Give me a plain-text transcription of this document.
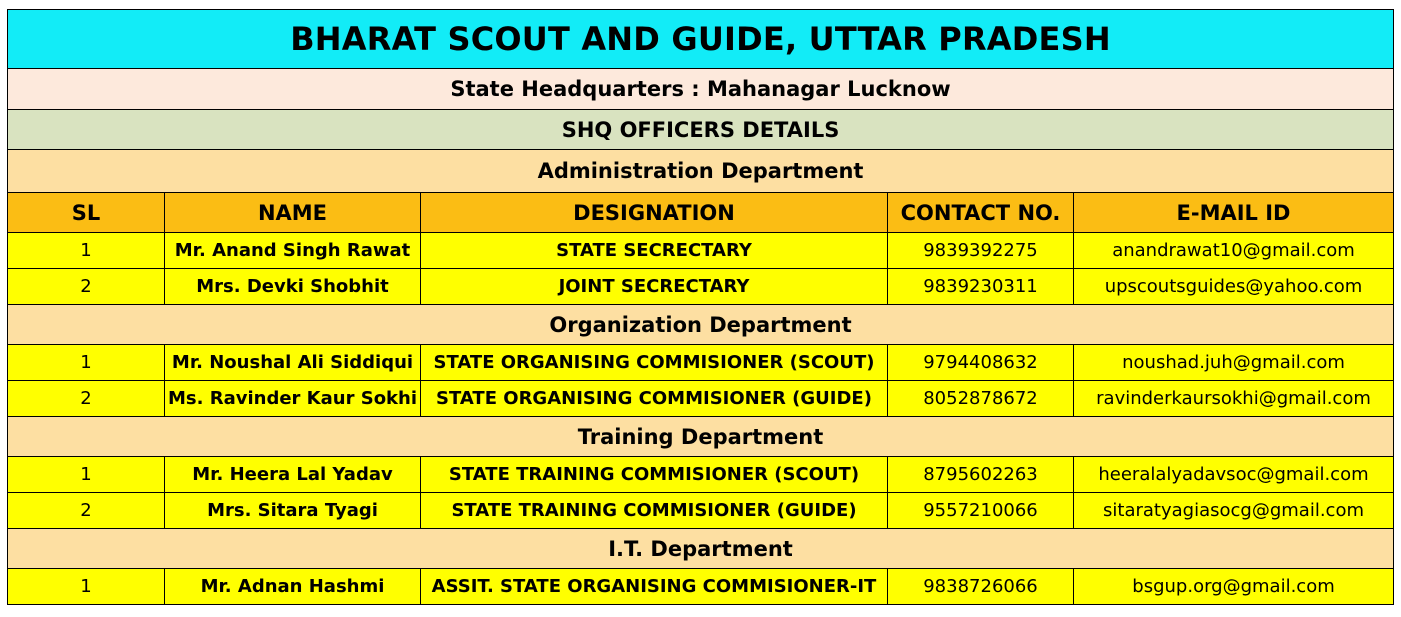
BHARAT SCOUT AND GUIDE, UTTAR PRADESH				
State Headquarters : Mahanagar Lucknow				
SHQ OFFICERS DETAILS				
Administration Department				
SL	NAME	DESIGNATION	CONTACT NO.	E-MAIL ID
1	Mr. Anand Singh Rawat	STATE SECRECTARY	9839392275	anandrawat10@gmail.com
2	Mrs. Devki Shobhit	JOINT SECRECTARY	9839230311	upscoutsguides@yahoo.com
Organization Department				
1	Mr. Noushal Ali Siddiqui	STATE ORGANISING COMMISIONER (SCOUT)	9794408632	noushad.juh@gmail.com
2	Ms. Ravinder Kaur Sokhi	STATE ORGANISING COMMISIONER (GUIDE)	8052878672	ravinderkaursokhi@gmail.com
Training Department				
1	Mr. Heera Lal Yadav	STATE TRAINING COMMISIONER (SCOUT)	8795602263	heeralalyadavsoc@gmail.com
2	Mrs. Sitara Tyagi	STATE TRAINING COMMISIONER (GUIDE)	9557210066	sitaratyagiasocg@gmail.com
I.T. Department				
1	Mr. Adnan Hashmi	ASSIT. STATE ORGANISING COMMISIONER-IT	9838726066	bsgup.org@gmail.com
